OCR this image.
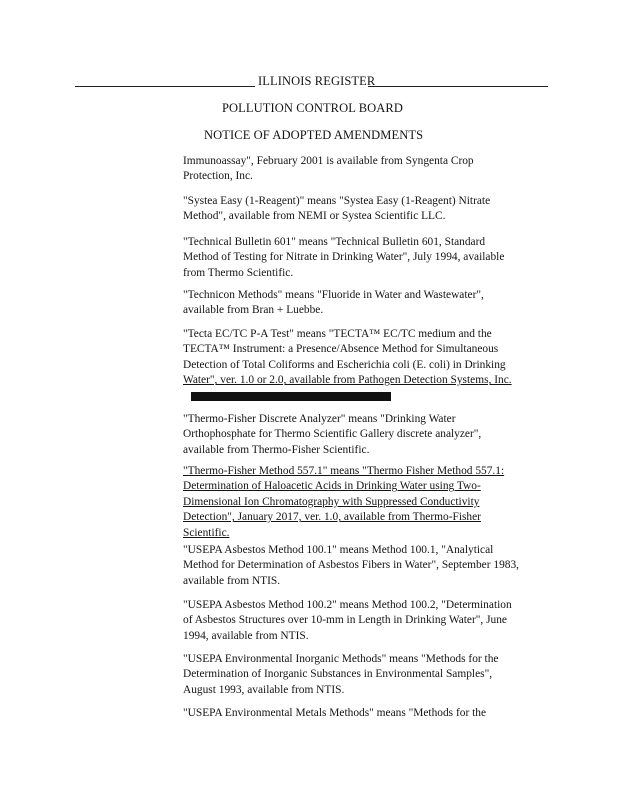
ILLINOIS REGISTER
POLLUTION CONTROL BOARD
NOTICE OF ADOPTED AMENDMENTS
Immunoassay", February 2001 is available from Syngenta Crop
Protection, Inc.
"Systea Easy (1-Reagent)" means "Systea Easy (1-Reagent) Nitrate
Method", available from NEMI or Systea Scientific LLC.
"Technical Bulletin 601" means "Technical Bulletin 601, Standard
Method of Testing for Nitrate in Drinking Water", July 1994, available
from Thermo Scientific.
"Technicon Methods" means "Fluoride in Water and Wastewater",
available from Bran + Luebbe.
"Tecta EC/TC P-A Test" means "TECTA™ EC/TC medium and the
TECTA™ Instrument: a Presence/Absence Method for Simultaneous
Detection of Total Coliforms and Escherichia coli (E. coli) in Drinking
Water", ver. 1.0 or 2.0, available from Pathogen Detection Systems, Inc.
"Thermo-Fisher Discrete Analyzer" means "Drinking Water
Orthophosphate for Thermo Scientific Gallery discrete analyzer",
available from Thermo-Fisher Scientific.
"Thermo-Fisher Method 557.1" means "Thermo Fisher Method 557.1:
Determination of Haloacetic Acids in Drinking Water using Two-
Dimensional Ion Chromatography with Suppressed Conductivity
Detection", January 2017, ver. 1.0, available from Thermo-Fisher
Scientific.
"USEPA Asbestos Method 100.1" means Method 100.1, "Analytical
Method for Determination of Asbestos Fibers in Water", September 1983,
available from NTIS.
"USEPA Asbestos Method 100.2" means Method 100.2, "Determination
of Asbestos Structures over 10-mm in Length in Drinking Water", June
1994, available from NTIS.
"USEPA Environmental Inorganic Methods" means "Methods for the
Determination of Inorganic Substances in Environmental Samples",
August 1993, available from NTIS.
"USEPA Environmental Metals Methods" means "Methods for the
